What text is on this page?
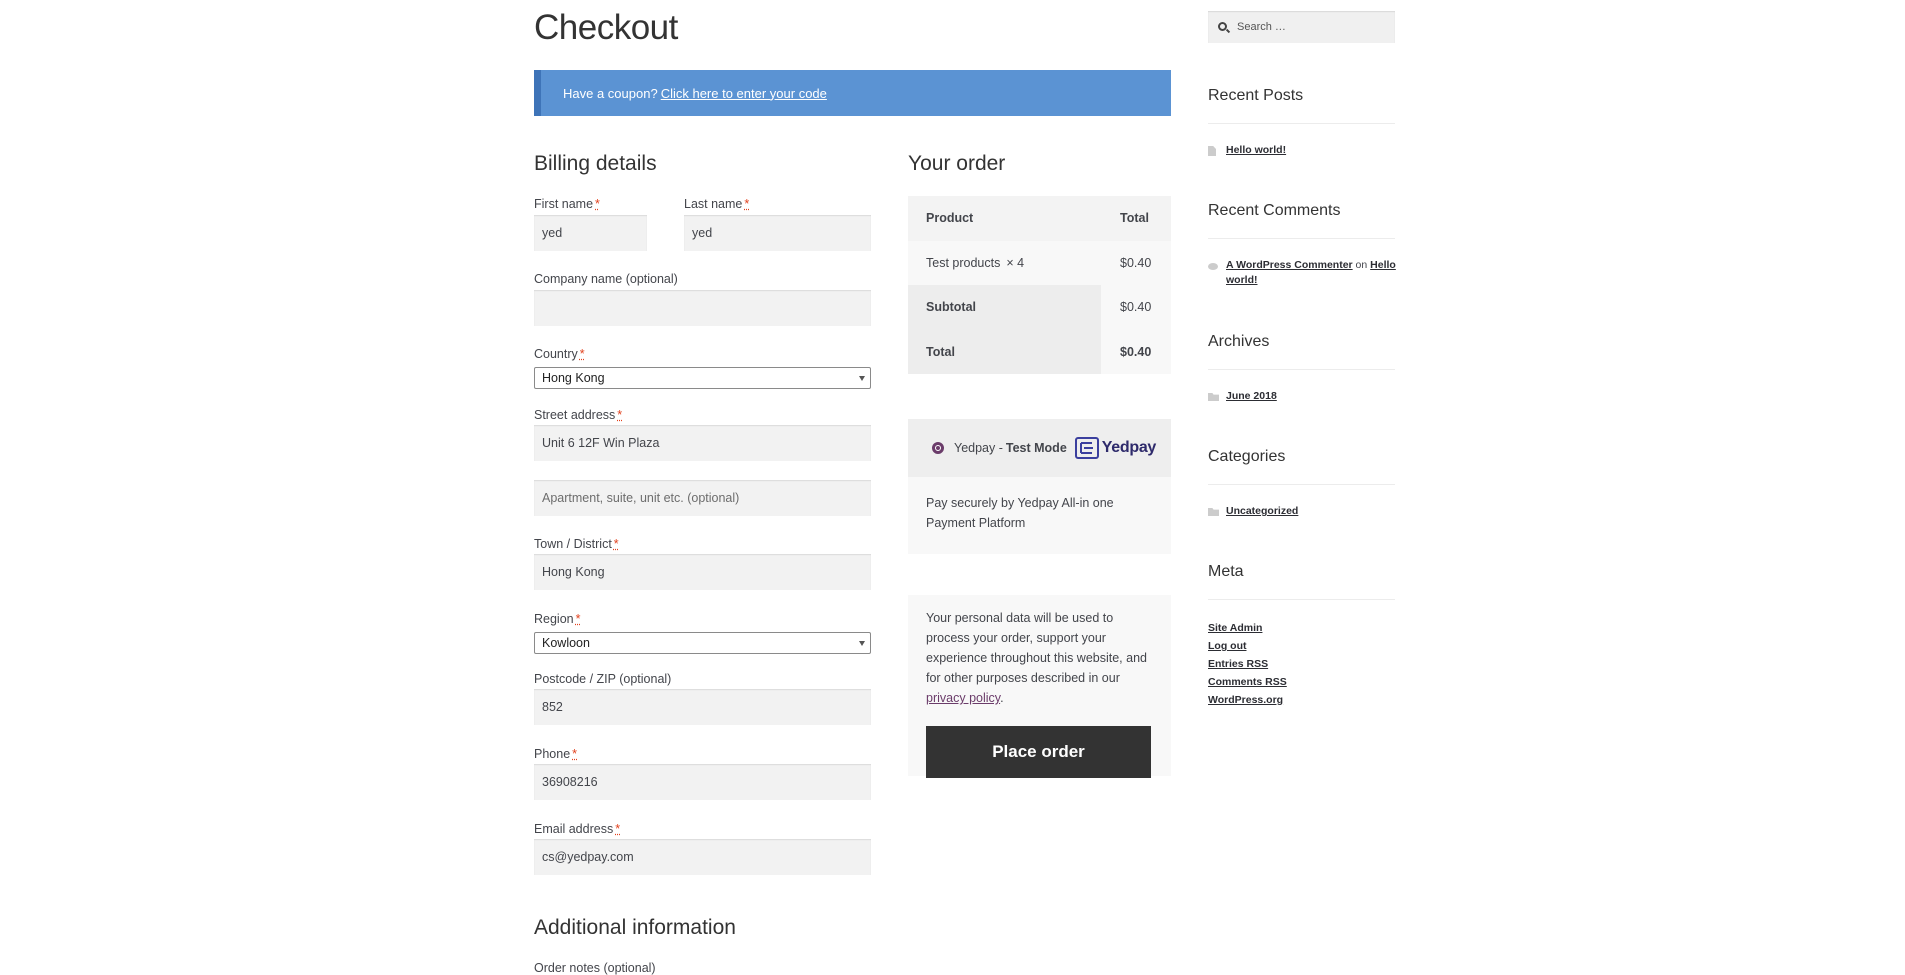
Checkout
Have a coupon? Click here to enter your code
Billing details
First name *
yed
Last name *
yed
Company name (optional)
Country *
Hong Kong
Street address *
Unit 6 12F Win Plaza
Apartment, suite, unit etc. (optional)
Town / District *
Hong Kong
Region *
Kowloon
Postcode / ZIP (optional)
852
Phone *
36908216
Email address *
cs@yedpay.com
Additional information
Order notes (optional)
Your order
Product	Total
Test products × 4	$0.40
Subtotal	$0.40
Total	$0.40
Yedpay - Test Mode Yedpay
Pay securely by Yedpay All-in one Payment Platform

Your personal data will be used to process your order, support your experience throughout this website, and for other purposes described in our privacy policy.

Place order
Search …
Recent Posts
Hello world!
Recent Comments
A WordPress Commenter on Hello world!
Archives
June 2018
Categories
Uncategorized
Meta
Site Admin
Log out
Entries RSS
Comments RSS
WordPress.org
